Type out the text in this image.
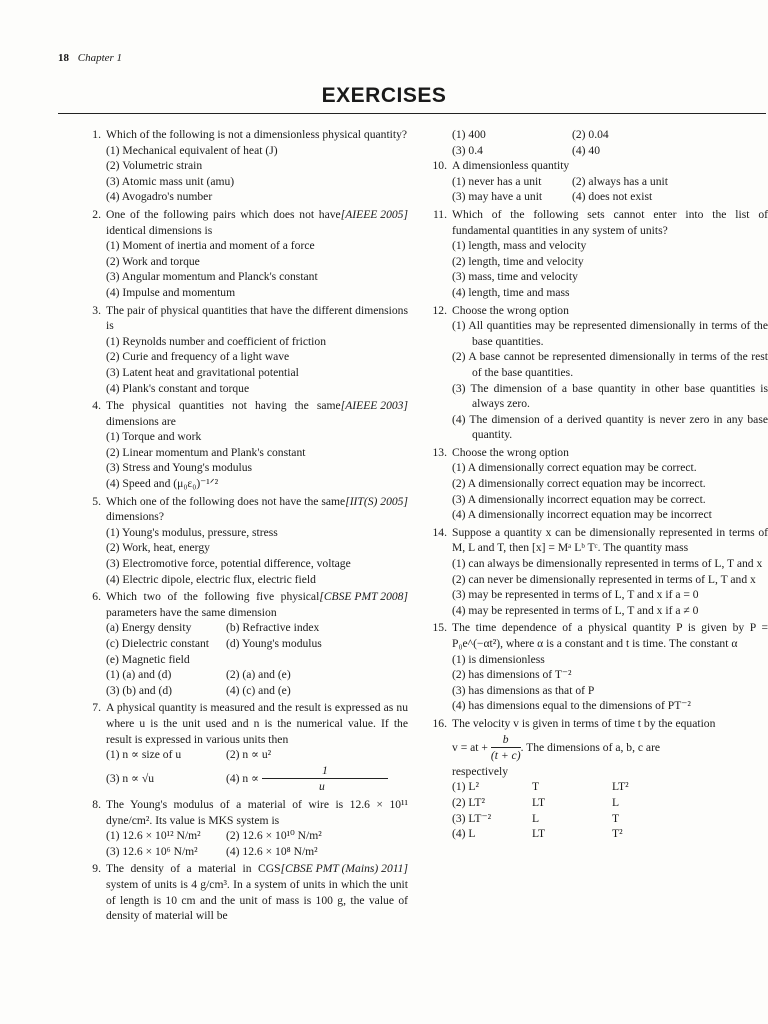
18 Chapter 1
EXERCISES
1. Which of the following is not a dimensionless physical quantity?
(1) Mechanical equivalent of heat (J)
(2) Volumetric strain
(3) Atomic mass unit (amu)
(4) Avogadro's number
2.	[AIEEE 2005]
One of the following pairs which does not have identical dimensions is
(1) Moment of inertia and moment of a force
(2) Work and torque
(3) Angular momentum and Planck's constant
(4) Impulse and momentum
3. The pair of physical quantities that have the different dimensions is
(1) Reynolds number and coefficient of friction
(2) Curie and frequency of a light wave
(3) Latent heat and gravitational potential
(4) Plank's constant and torque
4.	[AIEEE 2003]
The physical quantities not having the same dimensions are
(1) Torque and work
(2) Linear momentum and Plank's constant
(3) Stress and Young's modulus
(4) Speed and (μ₀ε₀)⁻¹ᐟ²
5.	[IIT(S) 2005]
Which one of the following does not have the same dimensions?
(1) Young's modulus, pressure, stress
(2) Work, heat, energy
(3) Electromotive force, potential difference, voltage
(4) Electric dipole, electric flux, electric field
6.	[CBSE PMT 2008]
Which two of the following five physical parameters have the same dimension
(a) Energy density	(b) Refractive index
(c) Dielectric constant	(d) Young's modulus
(e) Magnetic field
(1) (a) and (d)	(2) (a) and (e)
(3) (b) and (d)	(4) (c) and (e)
7. A physical quantity is measured and the result is expressed as nu where u is the unit used and n is the numerical value. If the result is expressed in various units then
(1) n ∝ size of u	(2) n ∝ u²
(3) n ∝ √u	(4) $n \propto \frac{1}{u}$
8. The Young's modulus of a material of wire is 12.6 × 10¹¹ dyne/cm². Its value is MKS system is
(1) 12.6 × 10¹² N/m²	(2) 12.6 × 10¹⁰ N/m²
(3) 12.6 × 10⁶ N/m²	(4) 12.6 × 10⁸ N/m²
9.	[CBSE PMT (Mains) 2011]
The density of a material in CGS system of units is 4 g/cm³. In a system of units in which the unit of length is 10 cm and the unit of mass is 100 g, the value of density of material will be
(1) 400	(2) 0.04
(3) 0.4	(4) 40
10. A dimensionless quantity
(1) never has a unit	(2) always has a unit
(3) may have a unit	(4) does not exist
11. Which of the following sets cannot enter into the list of fundamental quantities in any system of units?
(1) length, mass and velocity
(2) length, time and velocity
(3) mass, time and velocity
(4) length, time and mass
12. Choose the wrong option
(1) All quantities may be represented dimensionally in terms of the base quantities.
(2) A base cannot be represented dimensionally in terms of the rest of the base quantities.
(3) The dimension of a base quantity in other base quantities is always zero.
(4) The dimension of a derived quantity is never zero in any base quantity.
13. Choose the wrong option
(1) A dimensionally correct equation may be correct.
(2) A dimensionally correct equation may be incorrect.
(3) A dimensionally incorrect equation may be correct.
(4) A dimensionally incorrect equation may be incorrect
14. Suppose a quantity x can be dimensionally represented in terms of M, L and T, then [x] = Mᵃ Lᵇ Tᶜ. The quantity mass
(1) can always be dimensionally represented in terms of L, T and x
(2) can never be dimensionally represented in terms of L, T and x
(3) may be represented in terms of L, T and x if a = 0
(4) may be represented in terms of L, T and x if a ≠ 0
15. The time dependence of a physical quantity P is given by P = P₀e^(−αt²), where α is a constant and t is time. The constant α
(1) is dimensionless
(2) has dimensions of T⁻²
(3) has dimensions as that of P
(4) has dimensions equal to the dimensions of PT⁻²
16. The velocity v is given in terms of time t by the equation
v = at + $\frac{b}{(t + c)}$ . The dimensions of a, b, c are
respectively
(1) L²	T	LT²
(2) LT²	LT	L
(3) LT⁻²	L	T
(4) L	LT	T²
